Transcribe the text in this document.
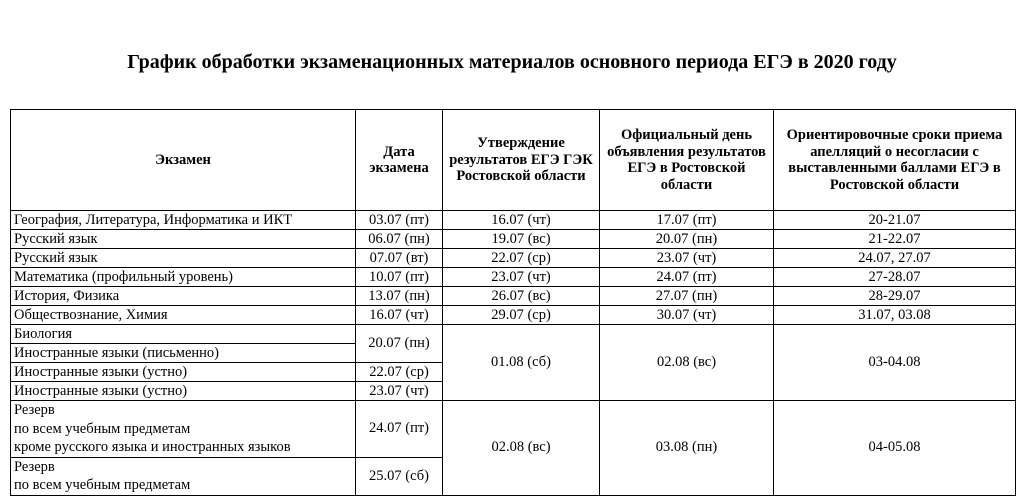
График обработки экзаменационных материалов основного периода ЕГЭ в 2020 году
Экзамен	Дата экзамена	Утверждение результатов ЕГЭ ГЭК Ростовской области	Официальный день объявления результатов ЕГЭ в Ростовской области	Ориентировочные сроки приема апелляций о несогласии с выставленными баллами ЕГЭ в Ростовской области
География, Литература, Информатика и ИКТ	03.07 (пт)	16.07 (чт)	17.07 (пт)	20-21.07
Русский язык	06.07 (пн)	19.07 (вс)	20.07 (пн)	21-22.07
Русский язык	07.07 (вт)	22.07 (ср)	23.07 (чт)	24.07, 27.07
Математика (профильный уровень)	10.07 (пт)	23.07 (чт)	24.07 (пт)	27-28.07
История, Физика	13.07 (пн)	26.07 (вс)	27.07 (пн)	28-29.07
Обществознание, Химия	16.07 (чт)	29.07 (ср)	30.07 (чт)	31.07, 03.08
Биология	20.07 (пн)	01.08 (сб)	02.08 (вс)	03-04.08
Иностранные языки (письменно)				
Иностранные языки (устно)	22.07 (ср)			
Иностранные языки (устно)	23.07 (чт)			

Резерв
по всем учебным предметам
кроме русского языка и иностранных языков	24.07 (пт)	02.08 (вс)	03.08 (пн)	04-05.08

Резерв
по всем учебным предметам	25.07 (сб)			
